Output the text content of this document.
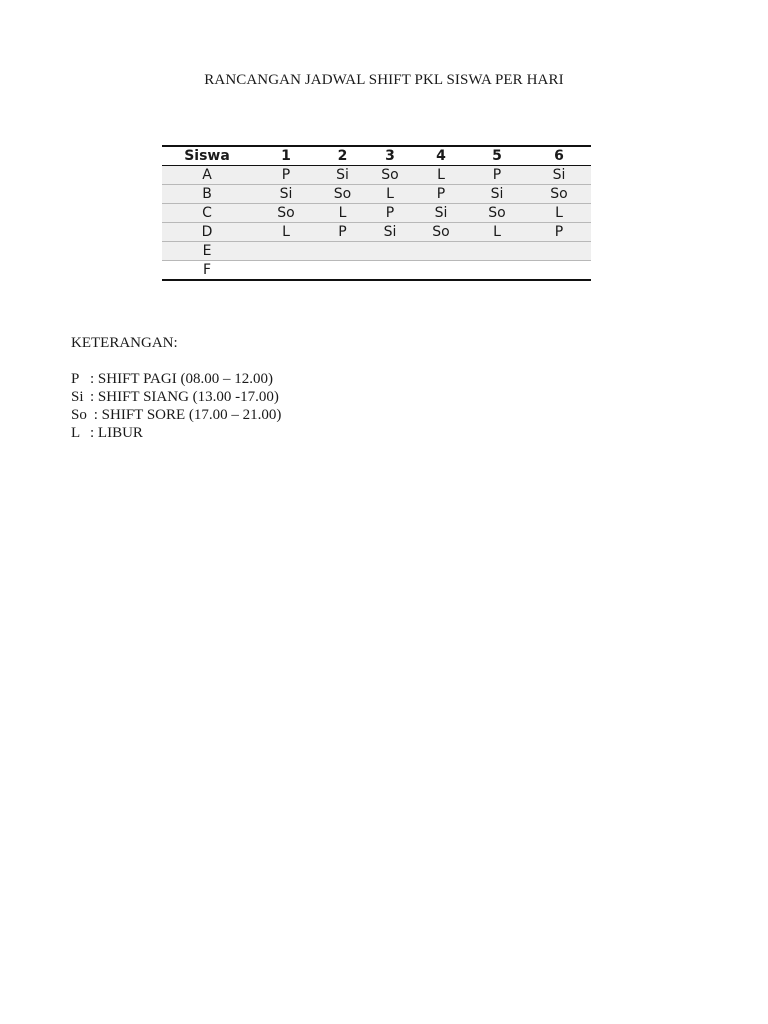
RANCANGAN JADWAL SHIFT PKL SISWA PER HARI
Siswa	1	2	3	4	5	6
A	P	Si	So	L	P	Si
B	Si	So	L	P	Si	So
C	So	L	P	Si	So	L
D	L	P	Si	So	L	P
E						
F						
KETERANGAN:
P : SHIFT PAGI (08.00 – 12.00)
Si : SHIFT SIANG (13.00 -17.00)
So : SHIFT SORE (17.00 – 21.00)
L : LIBUR
